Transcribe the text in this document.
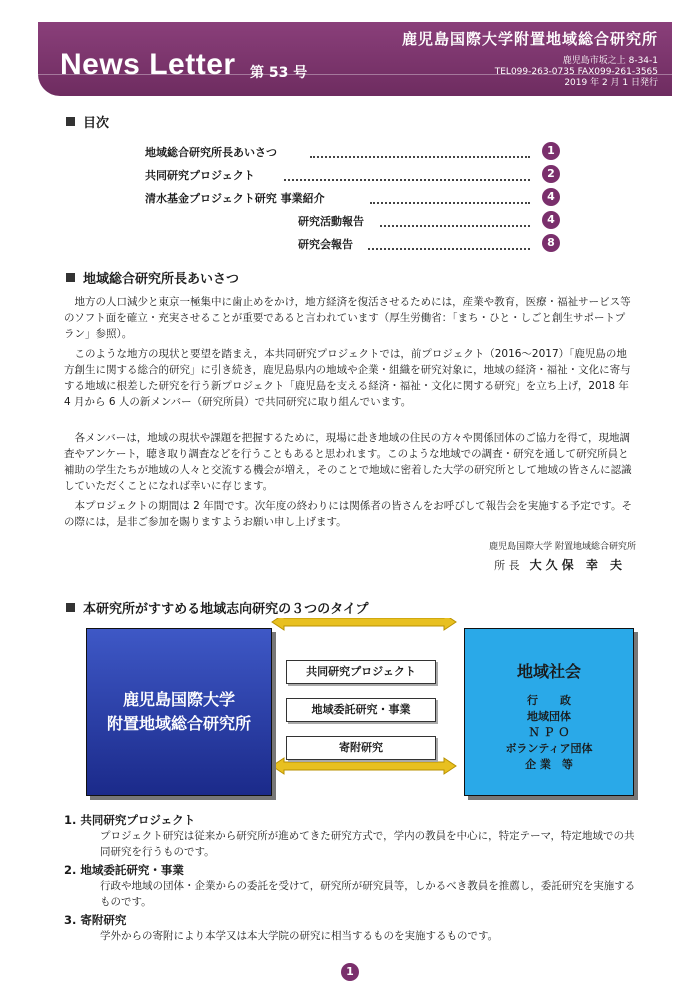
News Letter 第 53 号
鹿児島国際大学附置地域総合研究所
鹿児島市坂之上 8-34-1
TEL099-263-0735 FAX099-261-3565
2019 年 2 月 1 日発行
目次
地域総合研究所長あいさつ	1
共同研究プロジェクト	2
清水基金プロジェクト研究 事業紹介	4
研究活動報告	4
研究会報告	8
地域総合研究所長あいさつ

地方の人口減少と東京一極集中に歯止めをかけ，地方経済を復活させるためには，産業や教育，医療・福祉サービス等のソフト面を確立・充実させることが重要であると言われています（厚生労働省：「まち・ひと・しごと創生サポートプラン」参照）。

このような地方の現状と要望を踏まえ，本共同研究プロジェクトでは，前プロジェクト（2016～2017）「鹿児島の地方創生に関する総合的研究」に引き続き，鹿児島県内の地域や企業・組織を研究対象に，地域の経済・福祉・文化に寄与する地域に根差した研究を行う新プロジェクト「鹿児島を支える経済・福祉・文化に関する研究」を立ち上げ，2018 年 4 月から 6 人の新メンバー（研究所員）で共同研究に取り組んでいます。

各メンバーは，地域の現状や課題を把握するために，現場に赴き地域の住民の方々や関係団体のご協力を得て，現地調査やアンケート，聴き取り調査などを行うこともあると思われます。このような地域での調査・研究を通して研究所員と補助の学生たちが地域の人々と交流する機会が増え，そのことで地域に密着した大学の研究所として地域の皆さんに認識していただくことになれば幸いに存じます。

本プロジェクトの期間は 2 年間です。次年度の終わりには関係者の皆さんをお呼びして報告会を実施する予定です。その際には，是非ご参加を賜りますようお願い申し上げます。

鹿児島国際大学 附置地域総合研究所
所 長 大久保 幸 夫
本研究所がすすめる地域志向研究の３つのタイプ
鹿児島国際大学
附置地域総合研究所
共同研究プロジェクト
地域委託研究・事業
寄附研究
地域社会
行　　政
地域団体
Ｎ Ｐ Ｏ
ボランティア団体
企 業　等
1. 共同研究プロジェクト

プロジェクト研究は従来から研究所が進めてきた研究方式で，学内の教員を中心に，特定テーマ，特定地域での共同研究を行うものです。

2. 地域委託研究・事業

行政や地域の団体・企業からの委託を受けて，研究所が研究員等，しかるべき教員を推薦し，委託研究を実施するものです。

3. 寄附研究

学外からの寄附により本学又は本大学院の研究に相当するものを実施するものです。

1
